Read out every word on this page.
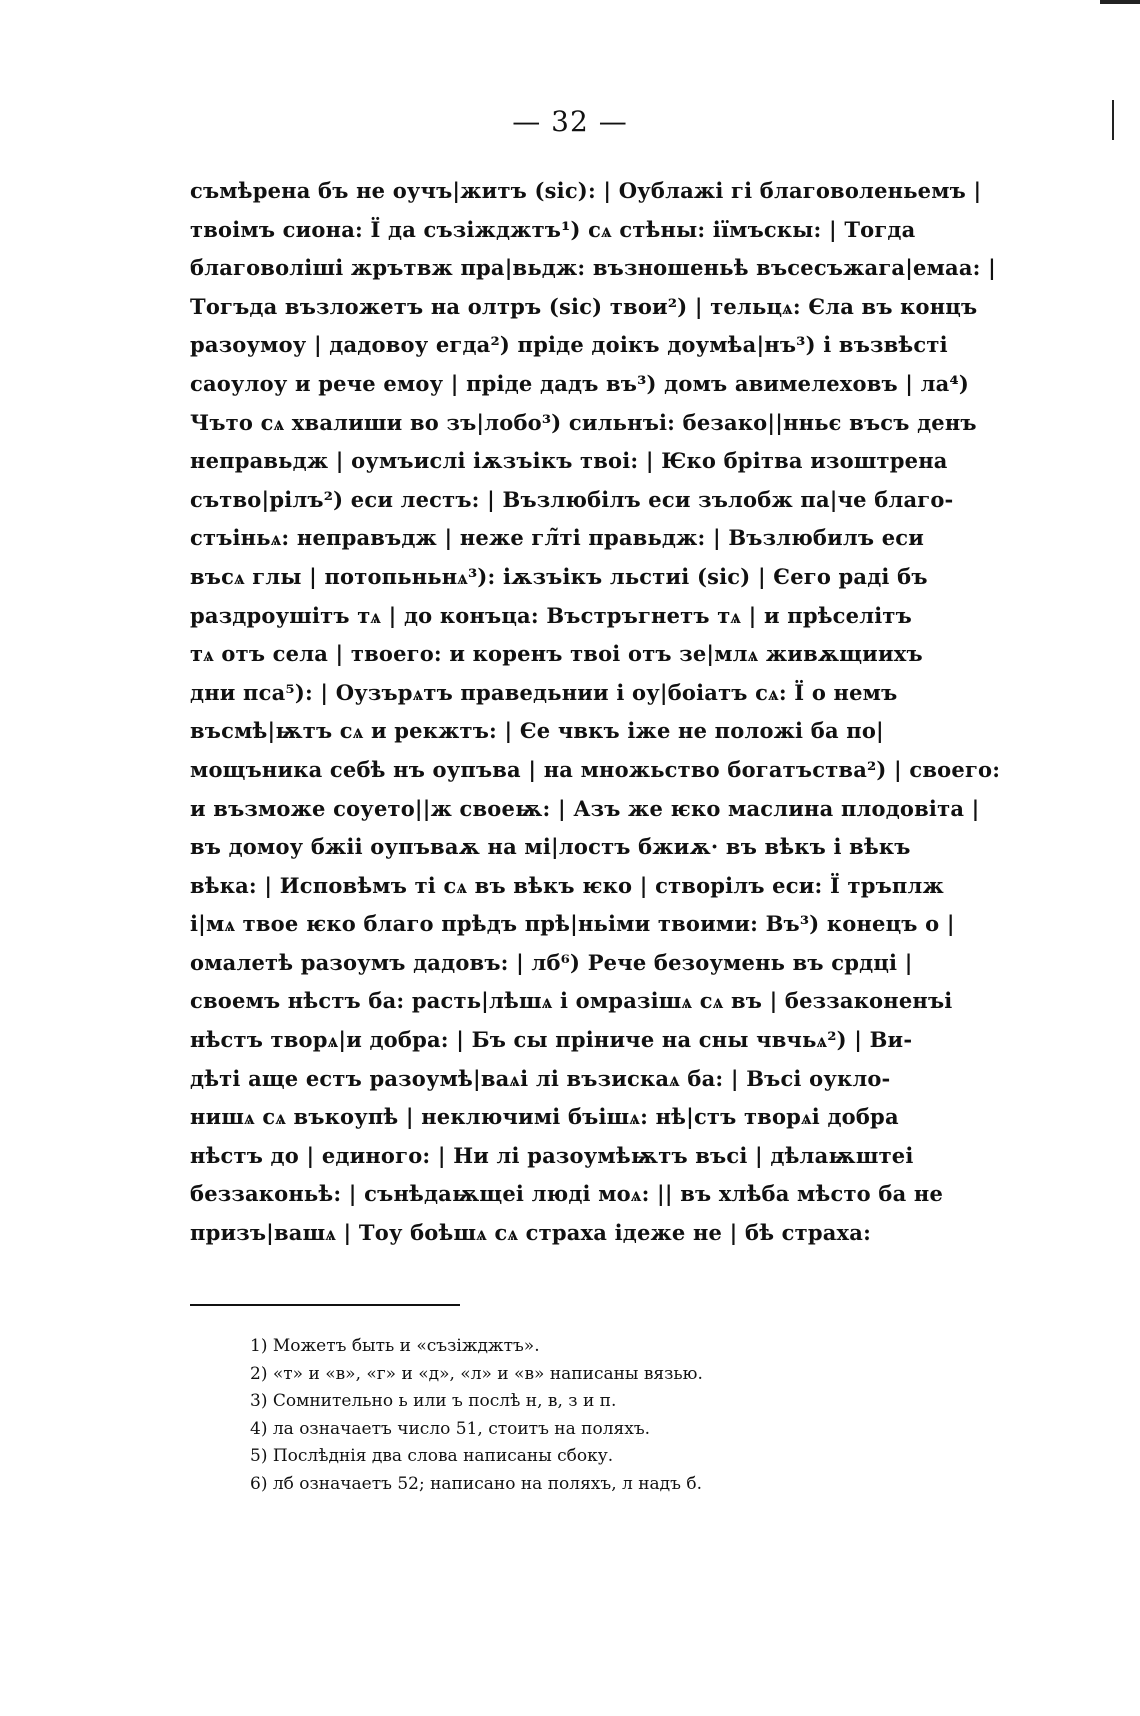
— 32 —
съмѣрена бъ не оучъ|житъ (sic): | Оублажі гі благоволеньемъ |
твоімъ сиона: Ї да съзіжджтъ¹) сѧ стѣны: іїмъскы: | Тогда
благоволіші жрътвж пра|вьдж: възношеньѣ въсесъжага|емаа: |
Тогъда възложетъ на олтръ (sic) твои²) | тельцѧ: Єла въ концъ
разоумоу | дадовоу егда²) пріде доікъ доумѣа|нъ³) і възвѣсті
саоулоу и рече емоу | пріде дадъ въ³) домъ авимелеховъ | ла⁴)
Чъто сѧ хвалиши во зъ|лобо³) сильнъі: безако||нньє въсъ денъ
неправьдж | оумъислі іѫзъікъ твоі: | Ѥко брітва изоштрена
сътво|рілъ²) еси лестъ: | Възлюбілъ еси зълобж па|че благо-
стъіньѧ: неправъдж | неже гл̃ті правьдж: | Възлюбилъ еси
въсѧ глы | потопьньнѧ³): іѫзъікъ льстиі (sic) | Єего раді бъ
раздроушітъ тѧ | до конъца: Въстръгнетъ тѧ | и прѣселітъ
тѧ отъ села | твоего: и коренъ твоі отъ зе|млѧ живѫщиихъ
дни пса⁵): | Оузърѧтъ праведьнии і оу|боіатъ сѧ: Ї о немъ
въсмѣ|ѭтъ сѧ и рекжтъ: | Єе чвкъ іже не положі ба по|
мощъника себѣ нъ оупъва | на множьство богатъства²) | своего:
и възможе соуето||ж своеѭ: | Азъ же ѥко маслина плодовіта |
въ домоу бжіі оупъваѫ на мі|лостъ бжиѫ· въ вѣкъ і вѣкъ
вѣка: | Исповѣмъ ті сѧ въ вѣкъ ѥко | створілъ еси: Ї тръплж
і|мѧ твое ѥко благо прѣдъ прѣ|ньіми твоими: Въ³) конецъ о |
омалетѣ разоумъ дадовъ: | лб⁶) Рече безоумень въ срдці |
своемъ нѣстъ ба: расть|лѣшѧ і омразішѧ сѧ въ | беззаконенъі
нѣстъ творѧ|и добра: | Бъ сы пріниче на сны чвчьѧ²) | Ви-
дѣті аще естъ разоумѣ|ваѧі лі възискаѧ ба: | Въсі оукло-
нишѧ сѧ въкоупѣ | неключимі бъішѧ: нѣ|стъ творѧі добра
нѣстъ до | единого: | Ни лі разоумѣѭтъ въсі | дѣлаѭштеі
беззаконьѣ: | сънѣдаѭщеі люді моѧ: || въ хлѣба мѣсто ба не
призъ|вашѧ | Тоу боѣшѧ сѧ страха ідеже не | бѣ страха:
1) Можетъ быть и «съзіжджтъ».
2) «т» и «в», «г» и «д», «л» и «в» написаны вязью.
3) Сомнительно ь или ъ послѣ н, в, з и п.
4) ла означаетъ число 51, стоитъ на поляхъ.
5) Послѣднія два слова написаны сбоку.
6) лб означаетъ 52; написано на поляхъ, л надъ б.
